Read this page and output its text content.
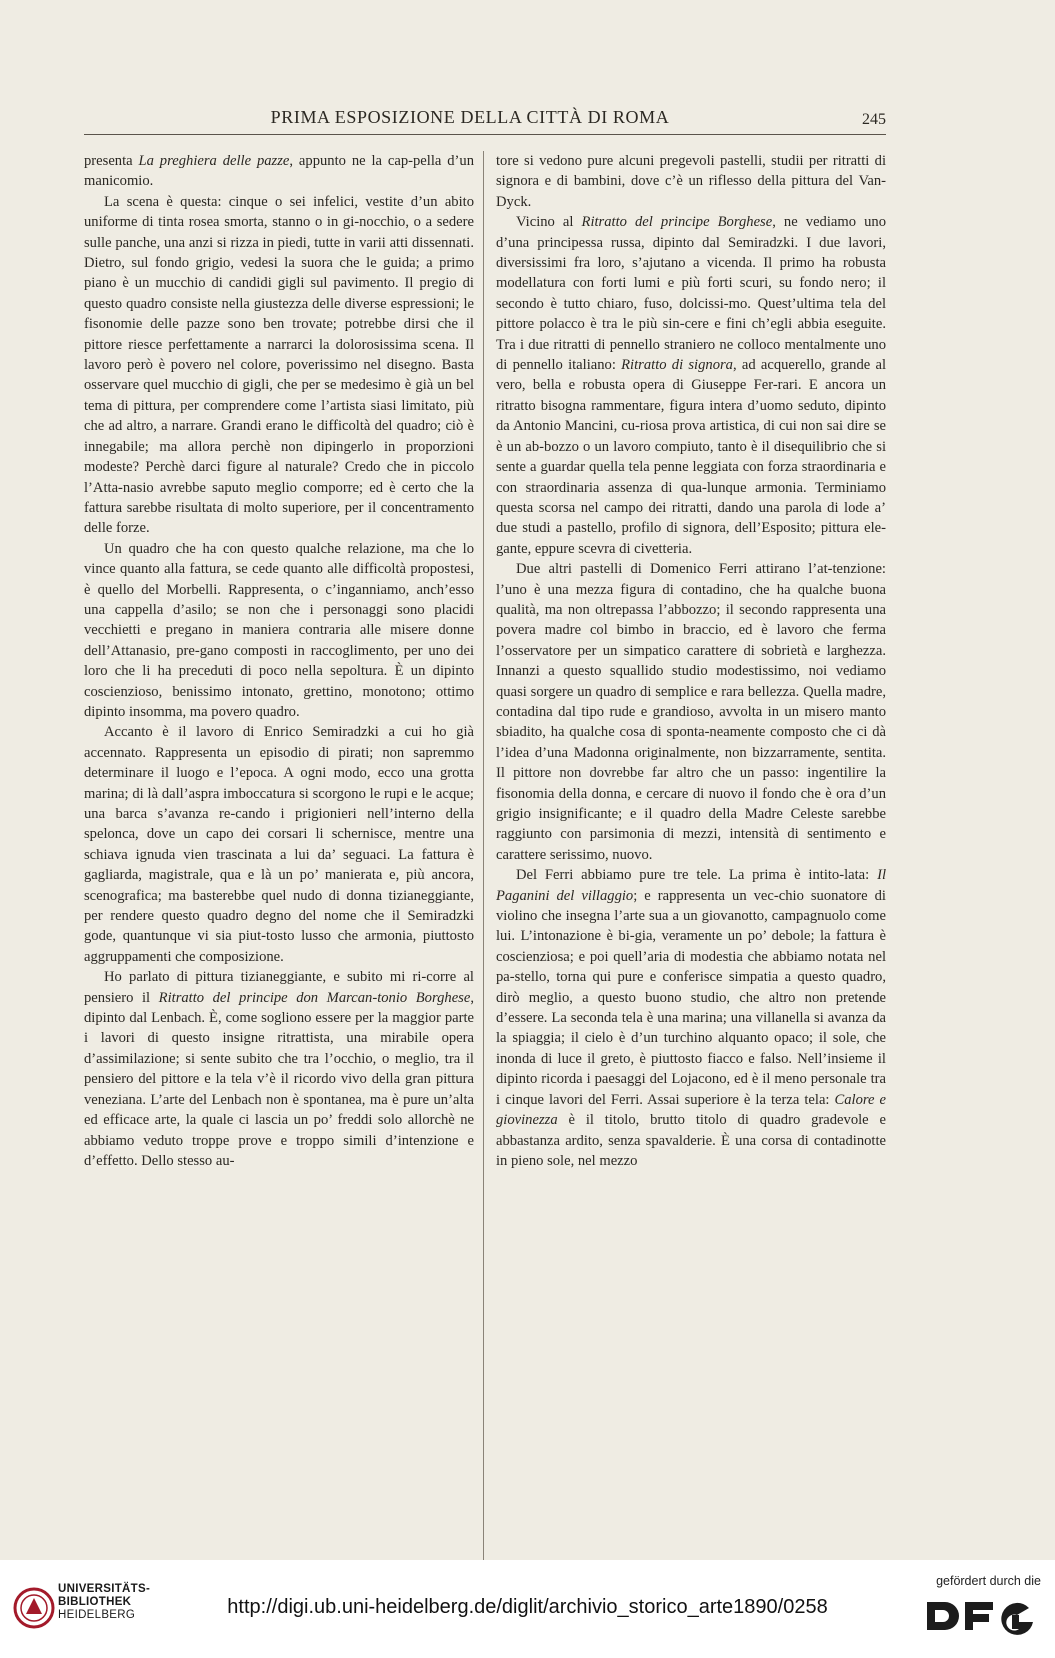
PRIMA ESPOSIZIONE DELLA CITTÀ DI ROMA	245

presenta La preghiera delle pazze, appunto ne la cap-pella d’un manicomio.

La scena è questa: cinque o sei infelici, vestite d’un abito uniforme di tinta rosea smorta, stanno o in gi-nocchio, o a sedere sulle panche, una anzi si rizza in piedi, tutte in varii atti dissennati. Dietro, sul fondo grigio, vedesi la suora che le guida; a primo piano è un mucchio di candidi gigli sul pavimento. Il pregio di questo quadro consiste nella giustezza delle diverse espressioni; le fisonomie delle pazze sono ben trovate; potrebbe dirsi che il pittore riesce perfettamente a narrarci la dolorosissima scena. Il lavoro però è povero nel colore, poverissimo nel disegno. Basta osservare quel mucchio di gigli, che per se medesimo è già un bel tema di pittura, per comprendere come l’artista siasi limitato, più che ad altro, a narrare. Grandi erano le difficoltà del quadro; ciò è innegabile; ma allora perchè non dipingerlo in proporzioni modeste? Perchè darci figure al naturale? Credo che in piccolo l’Atta-nasio avrebbe saputo meglio comporre; ed è certo che la fattura sarebbe risultata di molto superiore, per il concentramento delle forze.

Un quadro che ha con questo qualche relazione, ma che lo vince quanto alla fattura, se cede quanto alle difficoltà propostesi, è quello del Morbelli. Rappresenta, o c’inganniamo, anch’esso una cappella d’asilo; se non che i personaggi sono placidi vecchietti e pregano in maniera contraria alle misere donne dell’Attanasio, pre-gano composti in raccoglimento, per uno dei loro che li ha preceduti di poco nella sepoltura. È un dipinto coscienzioso, benissimo intonato, grettino, monotono; ottimo dipinto insomma, ma povero quadro.

Accanto è il lavoro di Enrico Semiradzki a cui ho già accennato. Rappresenta un episodio di pirati; non sapremmo determinare il luogo e l’epoca. A ogni modo, ecco una grotta marina; di là dall’aspra imboccatura si scorgono le rupi e le acque; una barca s’avanza re-cando i prigionieri nell’interno della spelonca, dove un capo dei corsari li schernisce, mentre una schiava ignuda vien trascinata a lui da’ seguaci. La fattura è gagliarda, magistrale, qua e là un po’ manierata e, più ancora, scenografica; ma basterebbe quel nudo di donna tizianeggiante, per rendere questo quadro degno del nome che il Semiradzki gode, quantunque vi sia piut-tosto lusso che armonia, piuttosto aggruppamenti che composizione.

Ho parlato di pittura tizianeggiante, e subito mi ri-corre al pensiero il Ritratto del principe don Marcan-tonio Borghese, dipinto dal Lenbach. È, come sogliono essere per la maggior parte i lavori di questo insigne ritrattista, una mirabile opera d’assimilazione; si sente subito che tra l’occhio, o meglio, tra il pensiero del pittore e la tela v’è il ricordo vivo della gran pittura veneziana. L’arte del Lenbach non è spontanea, ma è pure un’alta ed efficace arte, la quale ci lascia un po’ freddi solo allorchè ne abbiamo veduto troppe prove e troppo simili d’intenzione e d’effetto. Dello stesso au-

tore si vedono pure alcuni pregevoli pastelli, studii per ritratti di signora e di bambini, dove c’è un riflesso della pittura del Van-Dyck.

Vicino al Ritratto del principe Borghese, ne vediamo uno d’una principessa russa, dipinto dal Semiradzki. I due lavori, diversissimi fra loro, s’ajutano a vicenda. Il primo ha robusta modellatura con forti lumi e più forti scuri, su fondo nero; il secondo è tutto chiaro, fuso, dolcissi-mo. Quest’ultima tela del pittore polacco è tra le più sin-cere e fini ch’egli abbia eseguite. Tra i due ritratti di pennello straniero ne colloco mentalmente uno di pennello italiano: Ritratto di signora, ad acquerello, grande al vero, bella e robusta opera di Giuseppe Fer-rari. E ancora un ritratto bisogna rammentare, figura intera d’uomo seduto, dipinto da Antonio Mancini, cu-riosa prova artistica, di cui non sai dire se è un ab-bozzo o un lavoro compiuto, tanto è il disequilibrio che si sente a guardar quella tela penne leggiata con forza straordinaria e con straordinaria assenza di qua-lunque armonia. Terminiamo questa scorsa nel campo dei ritratti, dando una parola di lode a’ due studi a pastello, profilo di signora, dell’Esposito; pittura ele-gante, eppure scevra di civetteria.

Due altri pastelli di Domenico Ferri attirano l’at-tenzione: l’uno è una mezza figura di contadino, che ha qualche buona qualità, ma non oltrepassa l’abbozzo; il secondo rappresenta una povera madre col bimbo in braccio, ed è lavoro che ferma l’osservatore per un simpatico carattere di sobrietà e larghezza. Innanzi a questo squallido studio modestissimo, noi vediamo quasi sorgere un quadro di semplice e rara bellezza. Quella madre, contadina dal tipo rude e grandioso, avvolta in un misero manto sbiadito, ha qualche cosa di sponta-neamente composto che ci dà l’idea d’una Madonna originalmente, non bizzarramente, sentita. Il pittore non dovrebbe far altro che un passo: ingentilire la fisonomia della donna, e cercare di nuovo il fondo che è ora d’un grigio insignificante; e il quadro della Madre Celeste sarebbe raggiunto con parsimonia di mezzi, intensità di sentimento e carattere serissimo, nuovo.

Del Ferri abbiamo pure tre tele. La prima è intito-lata: Il Paganini del villaggio; e rappresenta un vec-chio suonatore di violino che insegna l’arte sua a un giovanotto, campagnuolo come lui. L’intonazione è bi-gia, veramente un po’ debole; la fattura è coscienziosa; e poi quell’aria di modestia che abbiamo notata nel pa-stello, torna qui pure e conferisce simpatia a questo quadro, dirò meglio, a questo buono studio, che altro non pretende d’essere. La seconda tela è una marina; una villanella si avanza da la spiaggia; il cielo è d’un turchino alquanto opaco; il sole, che inonda di luce il greto, è piuttosto fiacco e falso. Nell’insieme il dipinto ricorda i paesaggi del Lojacono, ed è il meno personale tra i cinque lavori del Ferri. Assai superiore è la terza tela: Calore e giovinezza è il titolo, brutto titolo di quadro gradevole e abbastanza ardito, senza spavalderie. È una corsa di contadinotte in pieno sole, nel mezzo

UNIVERSITÄTS-
BIBLIOTHEK
HEIDELBERG	http://digi.ub.uni-heidelberg.de/diglit/archivio_storico_arte1890/0258
gefördert durch die
